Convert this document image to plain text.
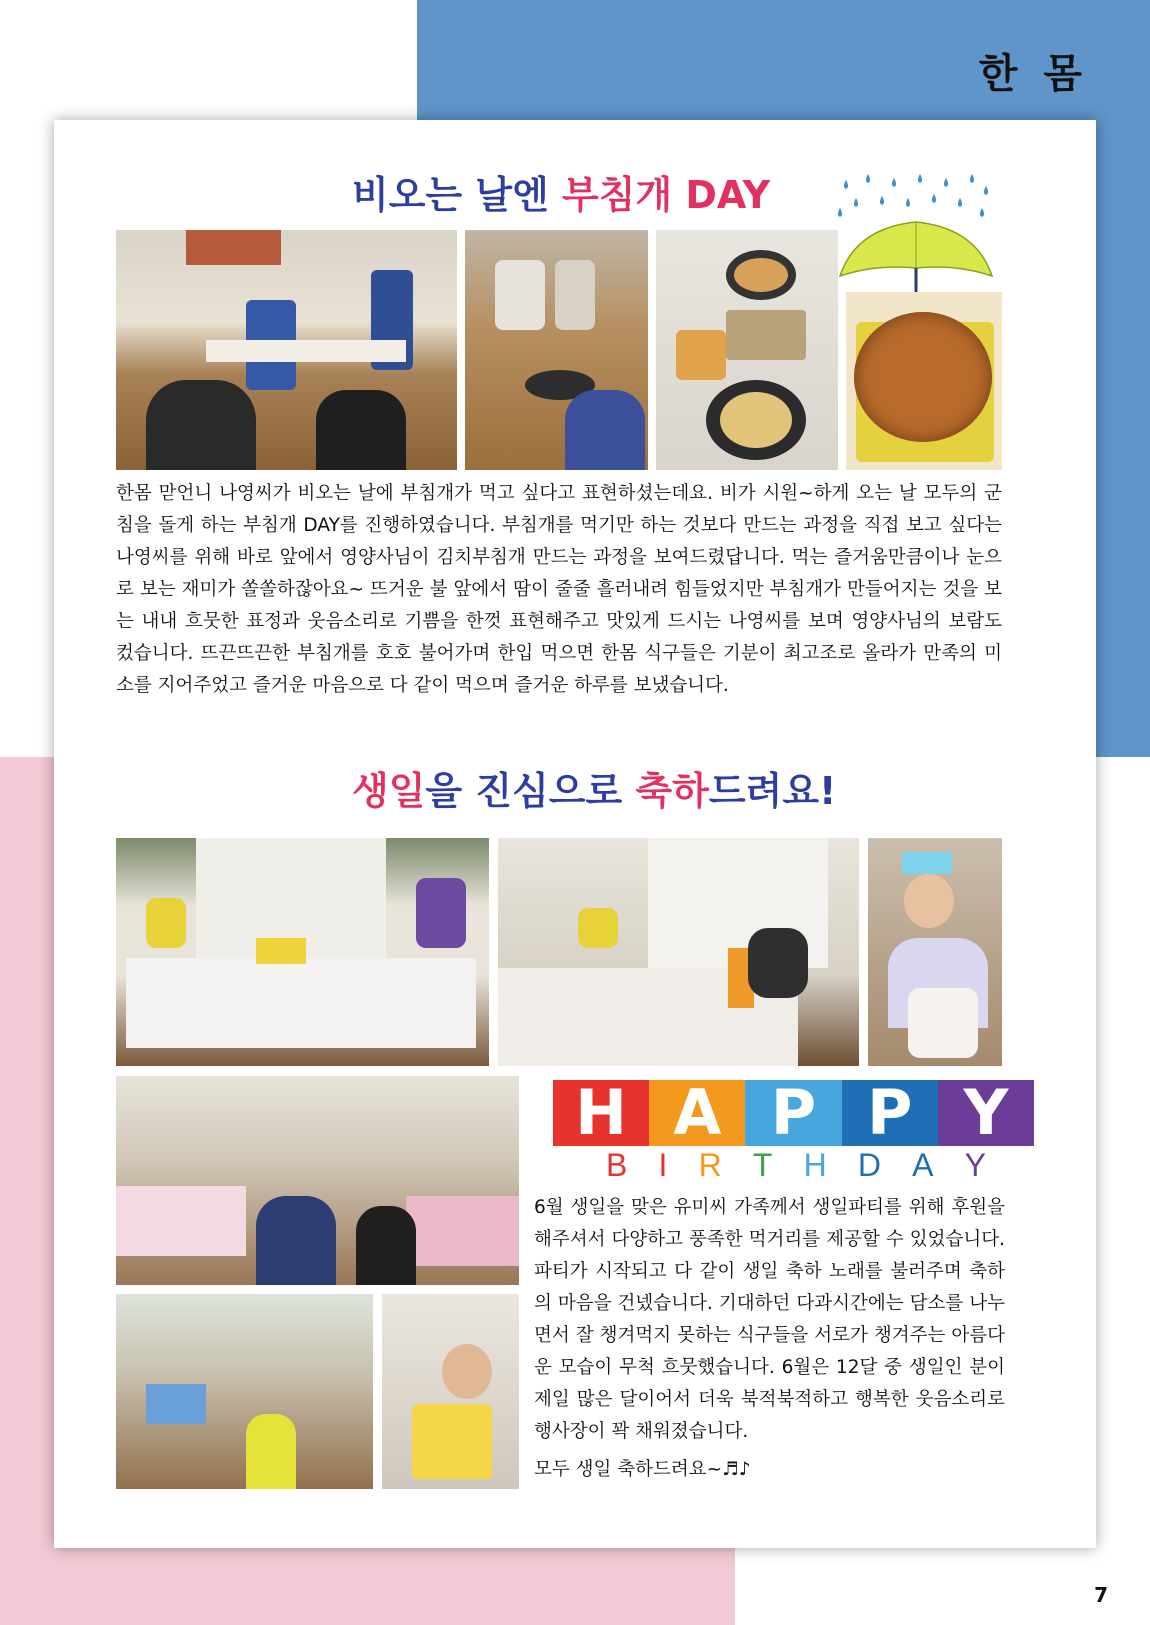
한 몸
비오는 날엔 부침개 DAY

한몸 맏언니 나영씨가 비오는 날에 부침개가 먹고 싶다고 표현하셨는데요. 비가 시원~하게 오는 날 모두의 군침을 돌게 하는 부침개 DAY를 진행하였습니다. 부침개를 먹기만 하는 것보다 만드는 과정을 직접 보고 싶다는 나영씨를 위해 바로 앞에서 영양사님이 김치부침개 만드는 과정을 보여드렸답니다. 먹는 즐거움만큼이나 눈으로 보는 재미가 쏠쏠하잖아요~ 뜨거운 불 앞에서 땀이 줄줄 흘러내려 힘들었지만 부침개가 만들어지는 것을 보는 내내 흐뭇한 표정과 웃음소리로 기쁨을 한껏 표현해주고 맛있게 드시는 나영씨를 보며 영양사님의 보람도 컸습니다. 뜨끈뜨끈한 부침개를 호호 불어가며 한입 먹으면 한몸 식구들은 기분이 최고조로 올라가 만족의 미소를 지어주었고 즐거운 마음으로 다 같이 먹으며 즐거운 하루를 보냈습니다.

생일을 진심으로 축하드려요!
H A P P Y
B I R T H D A Y

6월 생일을 맞은 유미씨 가족께서 생일파티를 위해 후원을 해주셔서 다양하고 풍족한 먹거리를 제공할 수 있었습니다. 파티가 시작되고 다 같이 생일 축하 노래를 불러주며 축하의 마음을 건넸습니다. 기대하던 다과시간에는 담소를 나누면서 잘 챙겨먹지 못하는 식구들을 서로가 챙겨주는 아름다운 모습이 무척 흐뭇했습니다. 6월은 12달 중 생일인 분이 제일 많은 달이어서 더욱 북적북적하고 행복한 웃음소리로 행사장이 꽉 채워졌습니다.

모두 생일 축하드려요~♬♪

7
